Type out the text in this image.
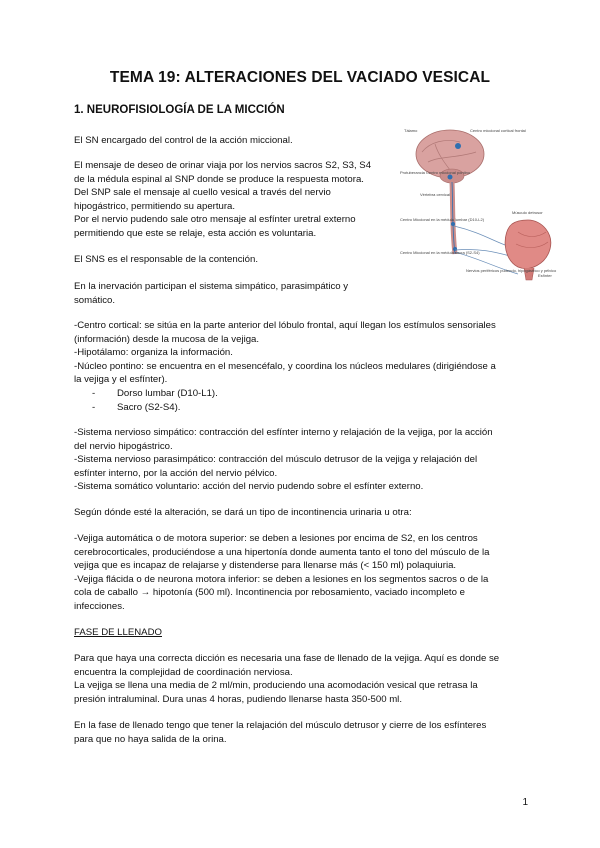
TEMA 19: ALTERACIONES DEL VACIADO VESICAL
1. NEUROFISIOLOGÍA DE LA MICCIÓN
El SN encargado del control de la acción miccional.
El mensaje de deseo de orinar viaja por los nervios sacros S2, S3, S4
de la médula espinal al SNP donde se produce la respuesta motora.
Del SNP sale el mensaje al cuello vesical a través del nervio
hipogástrico, permitiendo su apertura.
Por el nervio pudendo sale otro mensaje al esfínter uretral externo
permitiendo que este se relaje, esta acción es voluntaria.
El SNS es el responsable de la contención.
En la inervación participan el sistema simpático, parasimpático y
somático.
-Centro cortical: se sitúa en la parte anterior del lóbulo frontal, aquí llegan los estímulos sensoriales
(información) desde la mucosa de la vejiga.
-Hipotálamo: organiza la información.
-Núcleo pontino: se encuentra en el mesencéfalo, y coordina los núcleos medulares (dirigiéndose a
la vejiga y el esfínter).
- Dorso lumbar (D10-L1).
- Sacro (S2-S4).
-Sistema nervioso simpático: contracción del esfínter interno y relajación de la vejiga, por la acción
del nervio hipogástrico.
-Sistema nervioso parasimpático: contracción del músculo detrusor de la vejiga y relajación del
esfínter interno, por la acción del nervio pélvico.
-Sistema somático voluntario: acción del nervio pudendo sobre el esfínter externo.
Según dónde esté la alteración, se dará un tipo de incontinencia urinaria u otra:
-Vejiga automática o de motora superior: se deben a lesiones por encima de S2, en los centros
cerebrocorticales, produciéndose a una hipertonía donde aumenta tanto el tono del músculo de la
vejiga que es incapaz de relajarse y distenderse para llenarse más (< 150 ml) polaquiuria.
-Vejiga flácida o de neurona motora inferior: se deben a lesiones en los segmentos sacros o de la
cola de caballo → hipotonía (500 ml). Incontinencia por rebosamiento, vaciado incompleto e
infecciones.
FASE DE LLENADO
Para que haya una correcta dicción es necesaria una fase de llenado de la vejiga. Aquí es donde se
encuentra la complejidad de coordinación nerviosa.
La vejiga se llena una media de 2 ml/min, produciendo una acomodación vesical que retrasa la
presión intraluminal. Dura unas 4 horas, pudiendo llenarse hasta 350-500 ml.
En la fase de llenado tengo que tener la relajación del músculo detrusor y cierre de los esfínteres
para que no haya salida de la orina.
Tálamo	Centro miccional cortical frontal
Protuberancia Centro miccional pontino
Vértebra cervical
Centro Miccional en la médula lumbar (D10-L2)
Centro Miccional en la médula sacra (S2-S4)
Músculo detrusor
Nervios periféricos pudendo, hipogástrico y pélvico
Esfínter
1
